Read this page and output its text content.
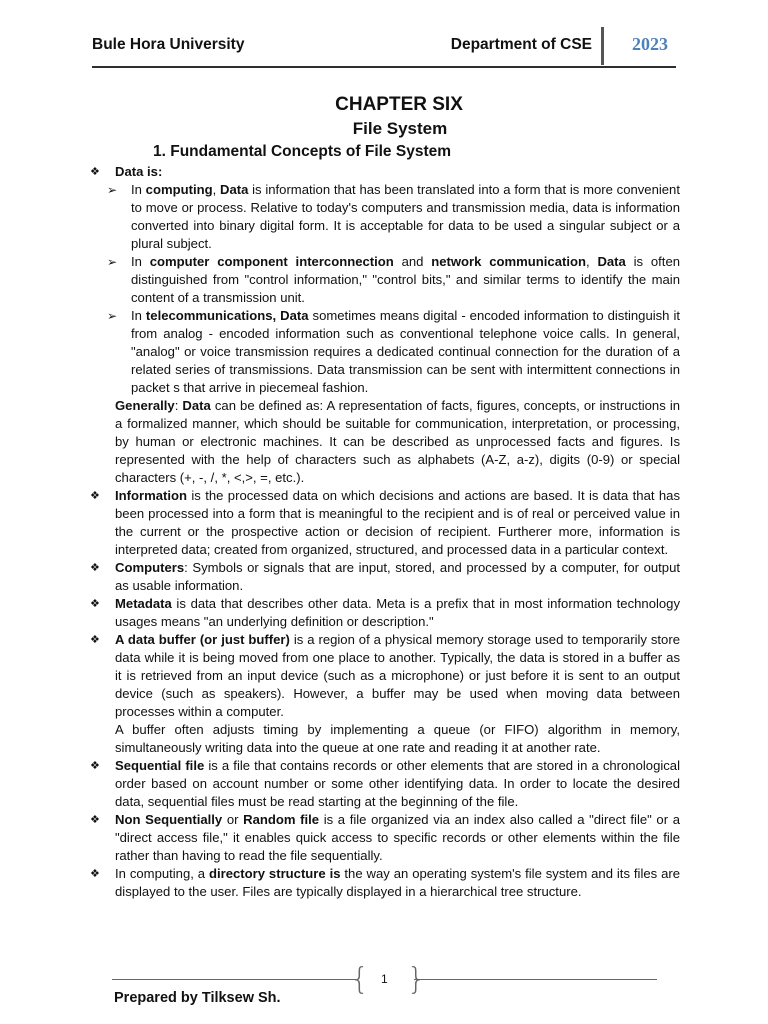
Bule Hora University	Department of CSE 2023
CHAPTER SIX
File System
1. Fundamental Concepts of File System

❖ Data is:

➢ In computing, Data is information that has been translated into a form that is more convenient to move or process. Relative to today's computers and transmission media, data is information converted into binary digital form. It is acceptable for data to be used a singular subject or a plural subject.

➢ In computer component interconnection and network communication, Data is often distinguished from "control information," "control bits," and similar terms to identify the main content of a transmission unit.

➢ In telecommunications, Data sometimes means digital - encoded information to distinguish it from analog - encoded information such as conventional telephone voice calls. In general, "analog" or voice transmission requires a dedicated continual connection for the duration of a related series of transmissions. Data transmission can be sent with intermittent connections in packet s that arrive in piecemeal fashion.

Generally: Data can be defined as: A representation of facts, figures, concepts, or instructions in a formalized manner, which should be suitable for communication, interpretation, or processing, by human or electronic machines. It can be described as unprocessed facts and figures. Is represented with the help of characters such as alphabets (A-Z, a-z), digits (0-9) or special characters (+, -, /, *, <,>, =, etc.).

❖ Information is the processed data on which decisions and actions are based. It is data that has been processed into a form that is meaningful to the recipient and is of real or perceived value in the current or the prospective action or decision of recipient. Furtherer more, information is interpreted data; created from organized, structured, and processed data in a particular context.

❖ Computers: Symbols or signals that are input, stored, and processed by a computer, for output as usable information.

❖ Metadata is data that describes other data. Meta is a prefix that in most information technology usages means "an underlying definition or description."

❖ A data buffer (or just buffer) is a region of a physical memory storage used to temporarily store data while it is being moved from one place to another. Typically, the data is stored in a buffer as it is retrieved from an input device (such as a microphone) or just before it is sent to an output device (such as speakers). However, a buffer may be used when moving data between processes within a computer.

A buffer often adjusts timing by implementing a queue (or FIFO) algorithm in memory, simultaneously writing data into the queue at one rate and reading it at another rate.

❖ Sequential file is a file that contains records or other elements that are stored in a chronological order based on account number or some other identifying data. In order to locate the desired data, sequential files must be read starting at the beginning of the file.

❖ Non Sequentially or Random file is a file organized via an index also called a "direct file" or a "direct access file," it enables quick access to specific records or other elements within the file rather than having to read the file sequentially.

❖ In computing, a directory structure is the way an operating system's file system and its files are displayed to the user. Files are typically displayed in a hierarchical tree structure.

{ }
1
Prepared by Tilksew Sh.
